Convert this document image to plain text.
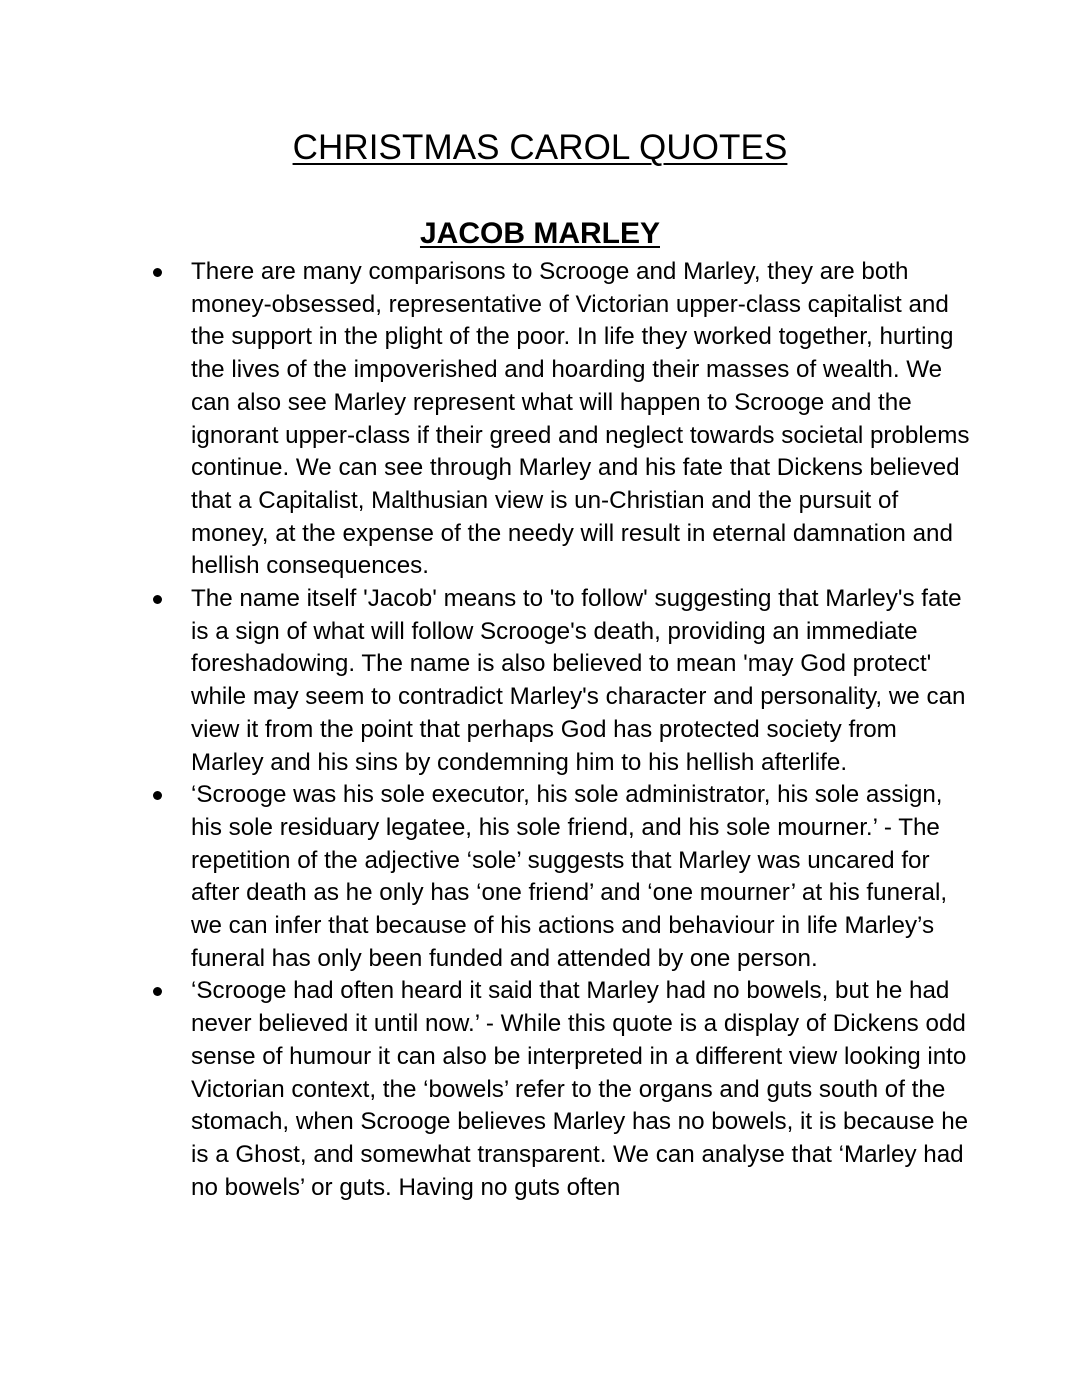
CHRISTMAS CAROL QUOTES
JACOB MARLEY
There are many comparisons to Scrooge and Marley, they are both money-obsessed, representative of Victorian upper-class capitalist and the support in the plight of the poor. In life they worked together, hurting the lives of the impoverished and hoarding their masses of wealth. We can also see Marley represent what will happen to Scrooge and the ignorant upper-class if their greed and neglect towards societal problems continue. We can see through Marley and his fate that Dickens believed that a Capitalist, Malthusian view is un-Christian and the pursuit of money, at the expense of the needy will result in eternal damnation and hellish consequences.
The name itself 'Jacob' means to 'to follow' suggesting that Marley's fate is a sign of what will follow Scrooge's death, providing an immediate foreshadowing. The name is also believed to mean 'may God protect' while may seem to contradict Marley's character and personality, we can view it from the point that perhaps God has protected society from Marley and his sins by condemning him to his hellish afterlife.
‘Scrooge was his sole executor, his sole administrator, his sole assign, his sole residuary legatee, his sole friend, and his sole mourner.’ - The repetition of the adjective ‘sole’ suggests that Marley was uncared for after death as he only has ‘one friend’ and ‘one mourner’ at his funeral, we can infer that because of his actions and behaviour in life Marley’s funeral has only been funded and attended by one person.
‘Scrooge had often heard it said that Marley had no bowels, but he had never believed it until now.’ - While this quote is a display of Dickens odd sense of humour it can also be interpreted in a different view looking into Victorian context, the ‘bowels’ refer to the organs and guts south of the stomach, when Scrooge believes Marley has no bowels, it is because he is a Ghost, and somewhat transparent. We can analyse that ‘Marley had no bowels’ or guts. Having no guts often
